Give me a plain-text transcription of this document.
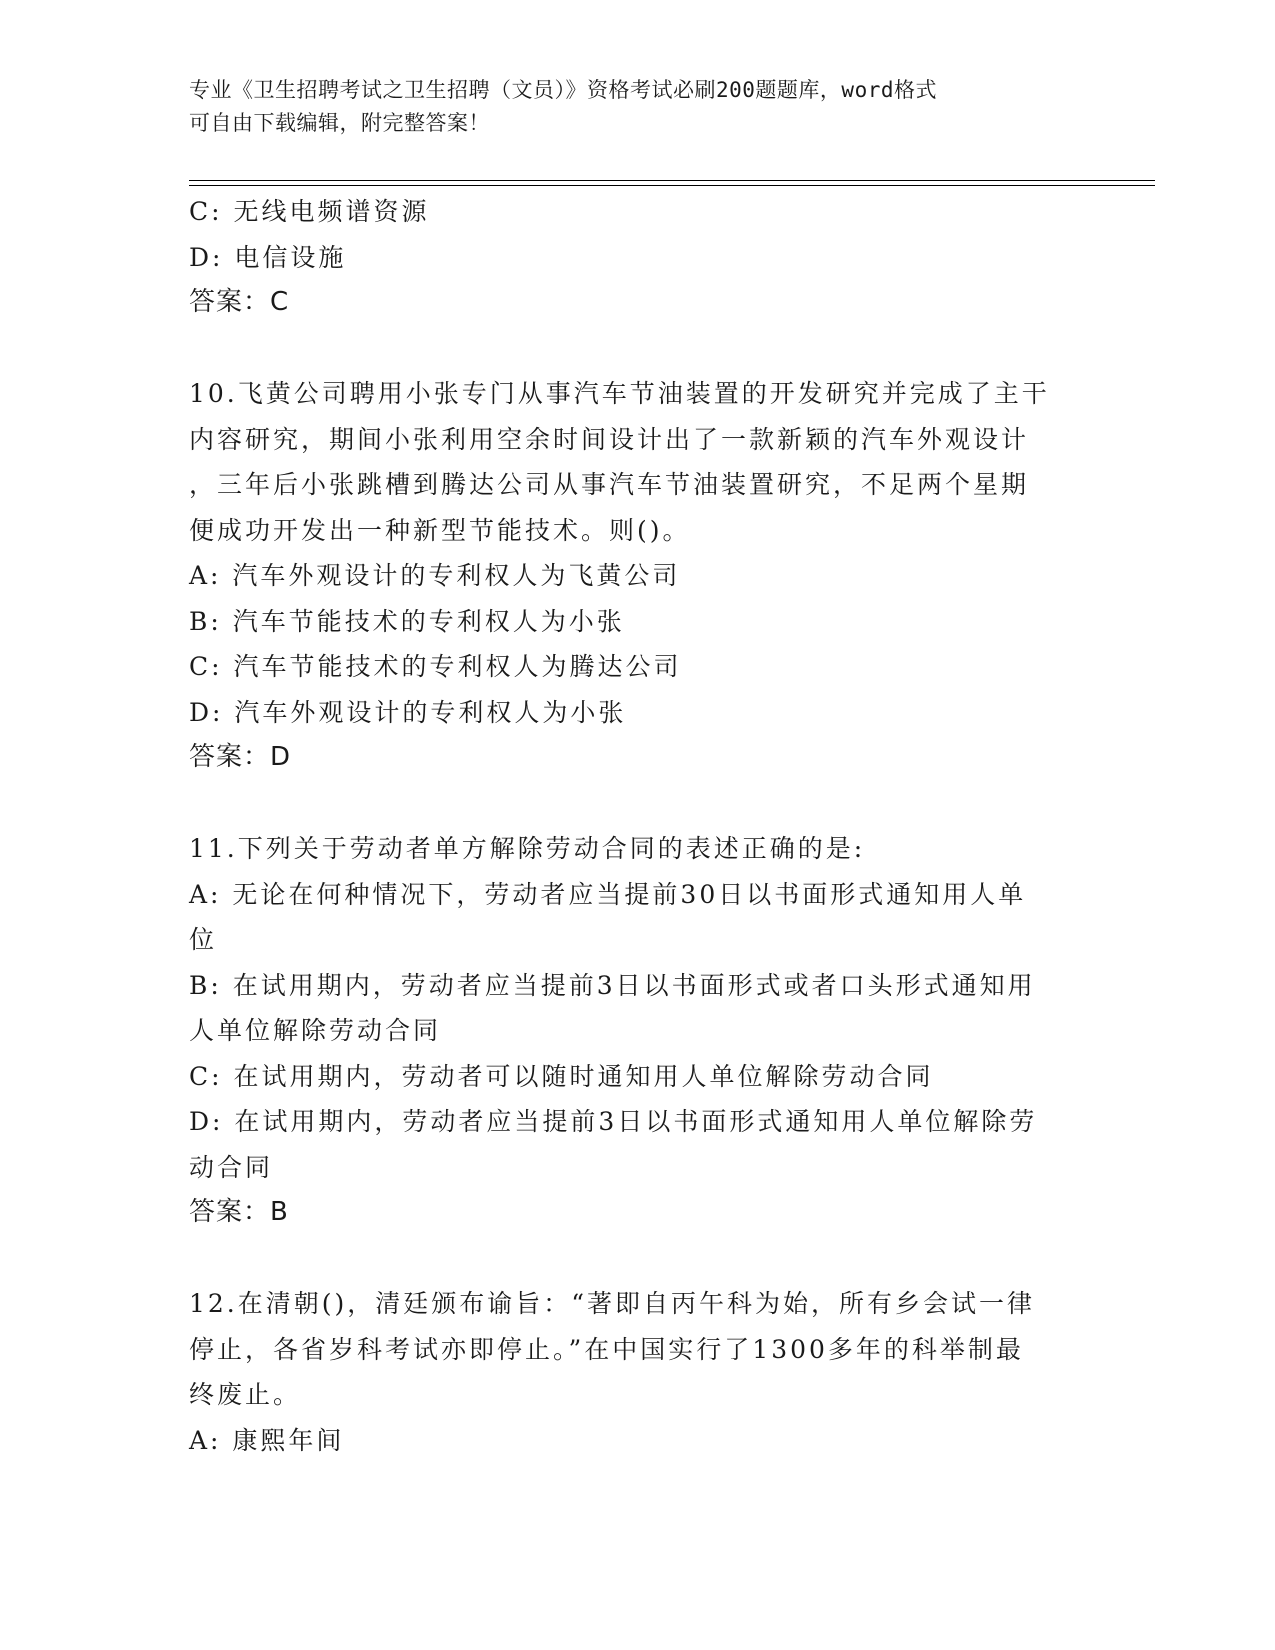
专业《卫生招聘考试之卫生招聘（文员）》资格考试必刷200题题库，word格式
可自由下载编辑，附完整答案！
C: 无线电频谱资源
D: 电信设施
答案：C
10.飞黄公司聘用小张专门从事汽车节油装置的开发研究并完成了主干
内容研究，期间小张利用空余时间设计出了一款新颖的汽车外观设计
，三年后小张跳槽到腾达公司从事汽车节油装置研究，不足两个星期
便成功开发出一种新型节能技术。则()。
A: 汽车外观设计的专利权人为飞黄公司
B: 汽车节能技术的专利权人为小张
C: 汽车节能技术的专利权人为腾达公司
D: 汽车外观设计的专利权人为小张
答案：D
11.下列关于劳动者单方解除劳动合同的表述正确的是:
A: 无论在何种情况下，劳动者应当提前30日以书面形式通知用人单
位
B: 在试用期内，劳动者应当提前3日以书面形式或者口头形式通知用
人单位解除劳动合同
C: 在试用期内，劳动者可以随时通知用人单位解除劳动合同
D: 在试用期内，劳动者应当提前3日以书面形式通知用人单位解除劳
动合同
答案：B
12.在清朝()，清廷颁布谕旨：“著即自丙午科为始，所有乡会试一律
停止，各省岁科考试亦即停止。”在中国实行了1300多年的科举制最
终废止。
A: 康熙年间
